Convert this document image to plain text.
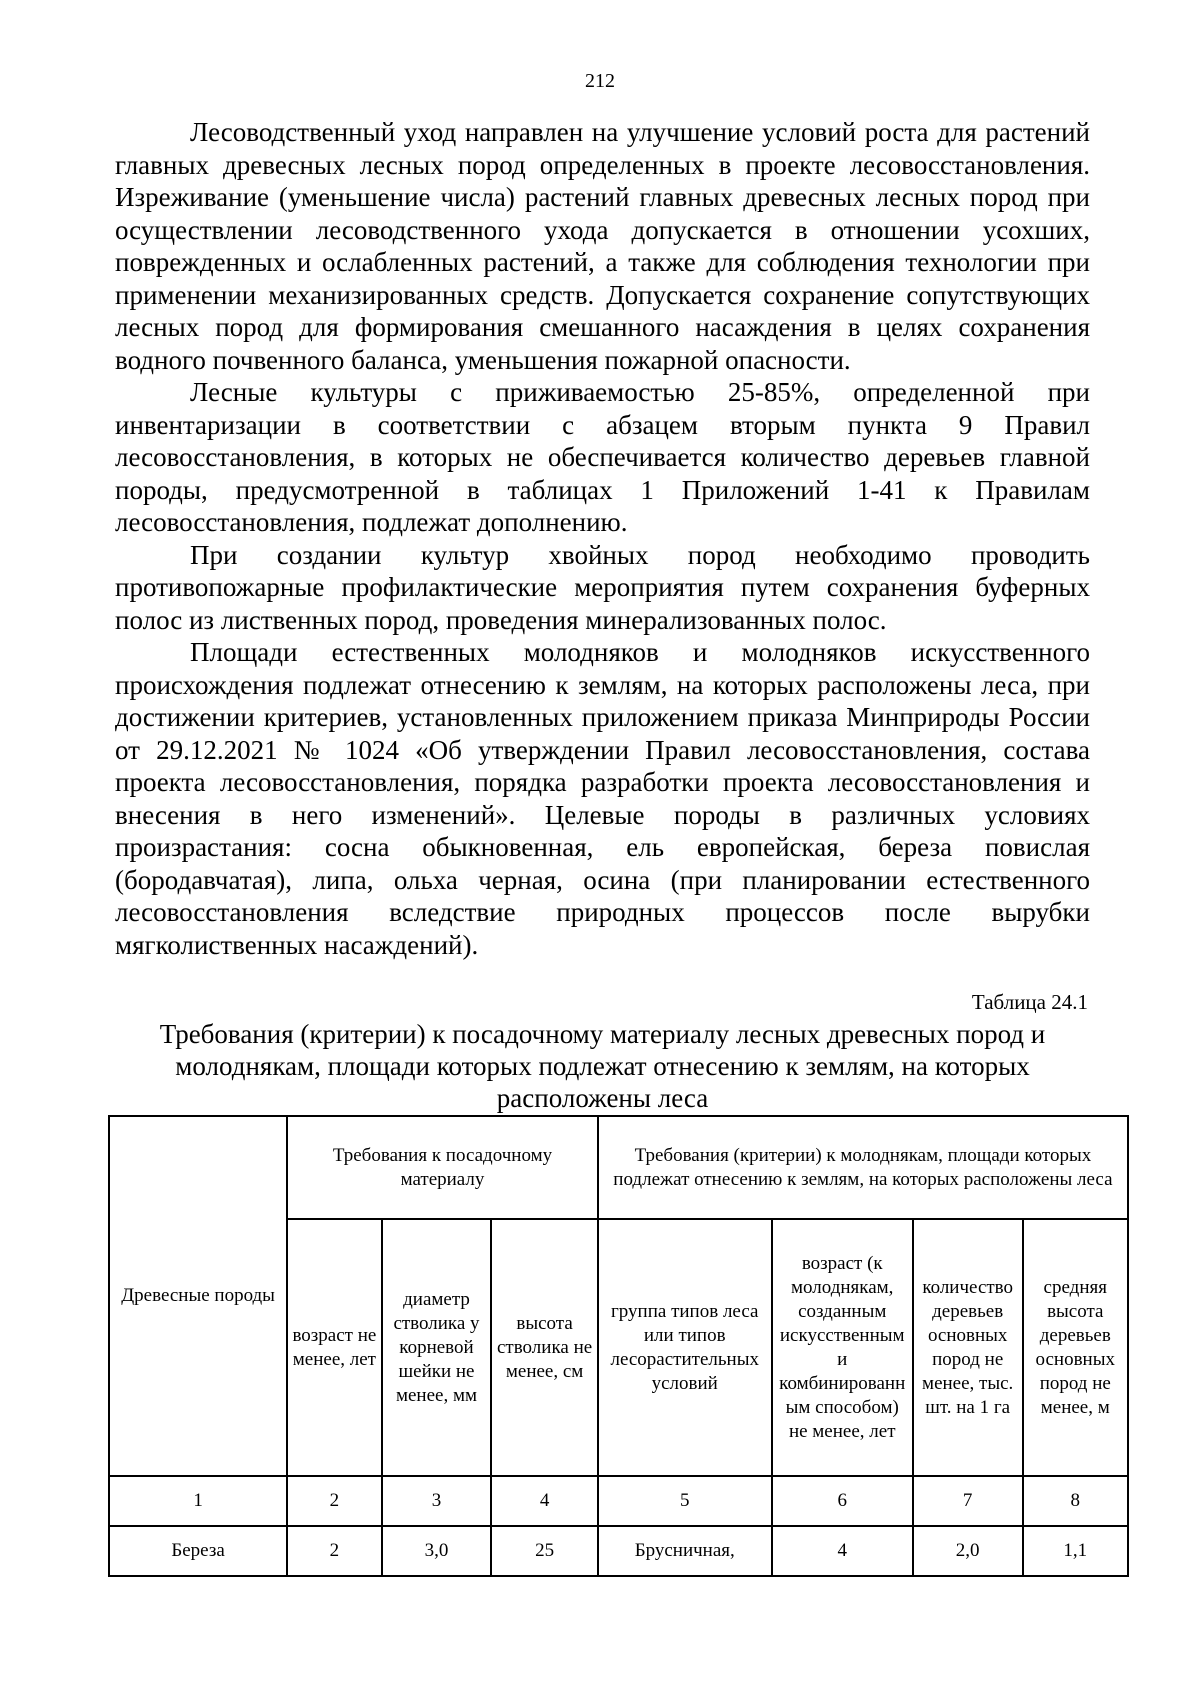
212

Лесоводственный уход направлен на улучшение условий роста для растений главных древесных лесных пород определенных в проекте лесовосстановления. Изреживание (уменьшение числа) растений главных древесных лесных пород при осуществлении лесоводственного ухода допускается в отношении усохших, поврежденных и ослабленных растений, а также для соблюдения технологии при применении механизированных средств. Допускается сохранение сопутствующих лесных пород для формирования смешанного насаждения в целях сохранения водного почвенного баланса, уменьшения пожарной опасности.

Лесные культуры с приживаемостью 25-85%, определенной при инвентаризации в соответствии с абзацем вторым пункта 9 Правил лесовосстановления, в которых не обеспечивается количество деревьев главной породы, предусмотренной в таблицах 1 Приложений 1-41 к Правилам лесовосстановления, подлежат дополнению.

При создании культур хвойных пород необходимо проводить противопожарные профилактические мероприятия путем сохранения буферных полос из лиственных пород, проведения минерализованных полос.

Площади естественных молодняков и молодняков искусственного происхождения подлежат отнесению к землям, на которых расположены леса, при достижении критериев, установленных приложением приказа Минприроды России от 29.12.2021 № 1024 «Об утверждении Правил лесовосстановления, состава проекта лесовосстановления, порядка разработки проекта лесовосстановления и внесения в него изменений». Целевые породы в различных условиях произрастания: сосна обыкновенная, ель европейская, береза повислая (бородавчатая), липа, ольха черная, осина (при планировании естественного лесовосстановления вследствие природных процессов после вырубки мягколиственных насаждений).

Таблица 24.1
Требования (критерии) к посадочному материалу лесных древесных пород и молоднякам, площади которых подлежат отнесению к землям, на которых расположены леса
Древесные породы	Требования к посадочному материалу			Требования (критерии) к молоднякам, площади которых подлежат отнесению к землям, на которых расположены леса			
	возраст не менее, лет	диаметр стволика у корневой шейки не менее, мм	высота стволика не менее, см	группа типов леса или типов лесорастительных условий	возраст (к молоднякам, созданным искусственными комбинированным способом) не менее, лет	количество деревьев основных пород не менее, тыс. шт. на 1 га	средняя высота деревьев основных пород не менее, м
1	2	3	4	5	6	7	8
Береза	2	3,0	25	Брусничная,	4	2,0	1,1
